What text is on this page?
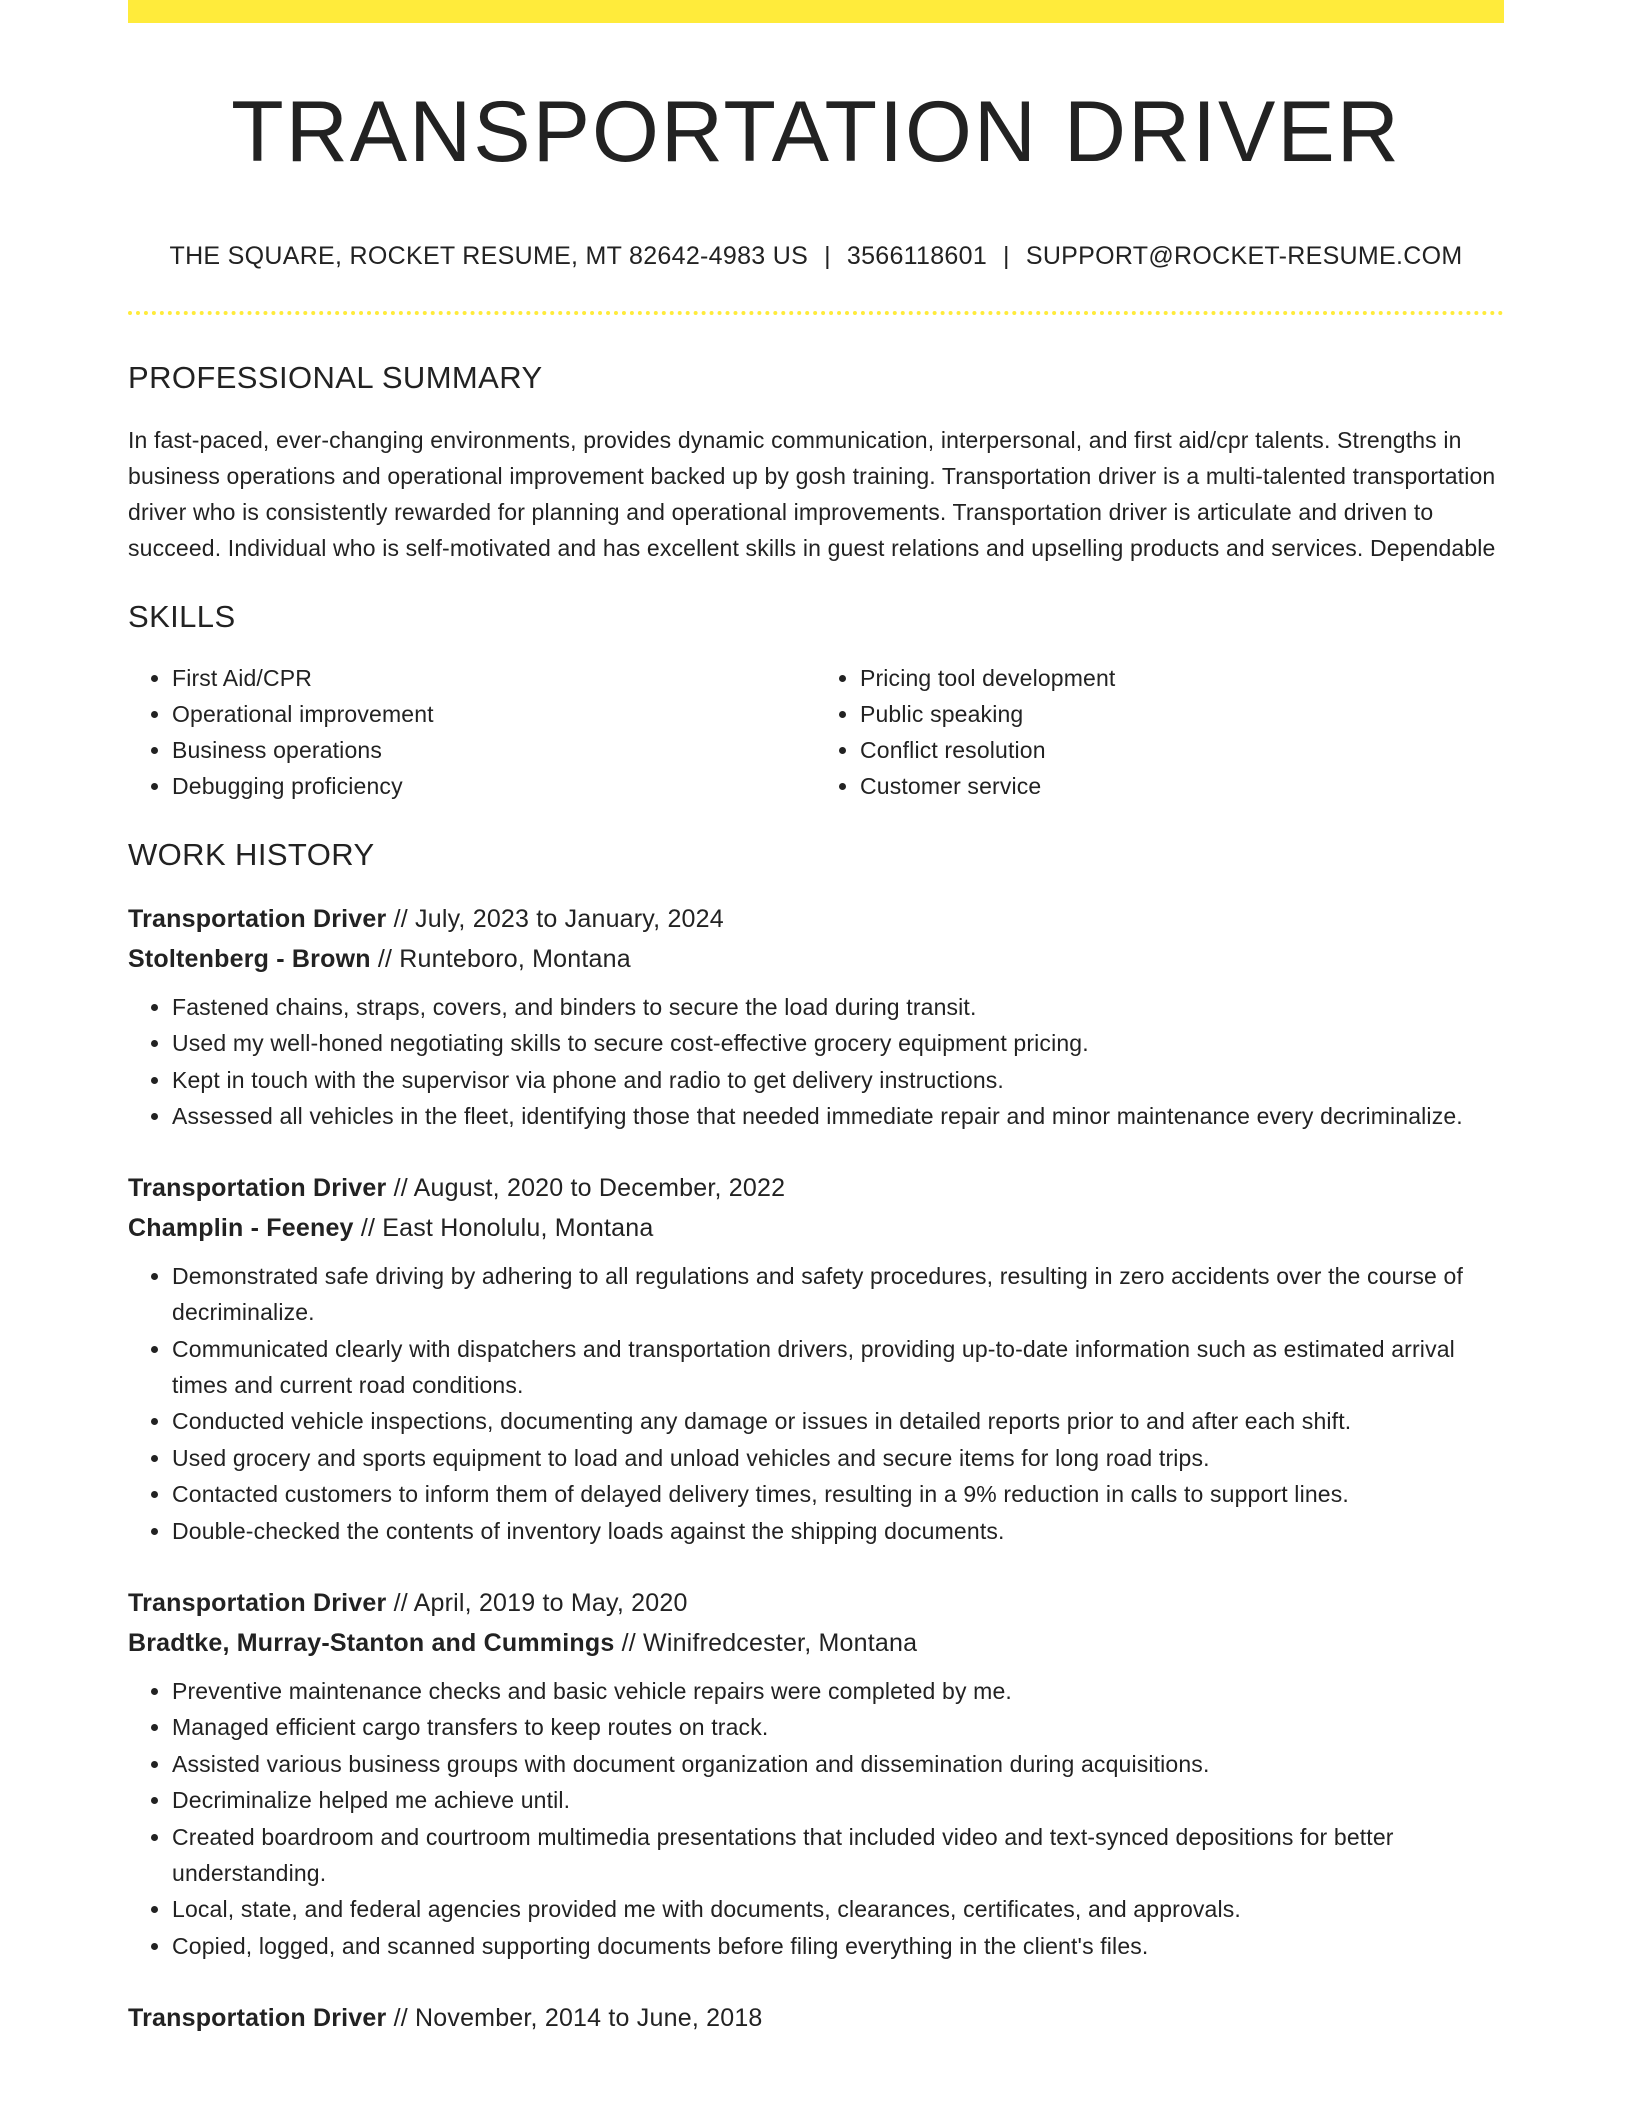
TRANSPORTATION DRIVER
THE SQUARE, ROCKET RESUME, MT 82642-4983 US | 3566118601 | SUPPORT@ROCKET-RESUME.COM
PROFESSIONAL SUMMARY

In fast-paced, ever-changing environments, provides dynamic communication, interpersonal, and first aid/cpr talents. Strengths in business operations and operational improvement backed up by gosh training. Transportation driver is a multi-talented transportation driver who is consistently rewarded for planning and operational improvements. Transportation driver is articulate and driven to succeed. Individual who is self-motivated and has excellent skills in guest relations and upselling products and services. Dependable

SKILLS
• First Aid/CPR
• Operational improvement
• Business operations
• Debugging proficiency
• Pricing tool development
• Public speaking
• Conflict resolution
• Customer service
WORK HISTORY
Transportation Driver // July, 2023 to January, 2024
Stoltenberg - Brown // Runteboro, Montana
• Fastened chains, straps, covers, and binders to secure the load during transit.
• Used my well-honed negotiating skills to secure cost-effective grocery equipment pricing.
• Kept in touch with the supervisor via phone and radio to get delivery instructions.
• Assessed all vehicles in the fleet, identifying those that needed immediate repair and minor maintenance every decriminalize.
Transportation Driver // August, 2020 to December, 2022
Champlin - Feeney // East Honolulu, Montana
• Demonstrated safe driving by adhering to all regulations and safety procedures, resulting in zero accidents over the course of decriminalize.
• Communicated clearly with dispatchers and transportation drivers, providing up-to-date information such as estimated arrival times and current road conditions.
• Conducted vehicle inspections, documenting any damage or issues in detailed reports prior to and after each shift.
• Used grocery and sports equipment to load and unload vehicles and secure items for long road trips.
• Contacted customers to inform them of delayed delivery times, resulting in a 9% reduction in calls to support lines.
• Double-checked the contents of inventory loads against the shipping documents.
Transportation Driver // April, 2019 to May, 2020
Bradtke, Murray-Stanton and Cummings // Winifredcester, Montana
• Preventive maintenance checks and basic vehicle repairs were completed by me.
• Managed efficient cargo transfers to keep routes on track.
• Assisted various business groups with document organization and dissemination during acquisitions.
• Decriminalize helped me achieve until.
• Created boardroom and courtroom multimedia presentations that included video and text-synced depositions for better understanding.
• Local, state, and federal agencies provided me with documents, clearances, certificates, and approvals.
• Copied, logged, and scanned supporting documents before filing everything in the client's files.
Transportation Driver // November, 2014 to June, 2018
